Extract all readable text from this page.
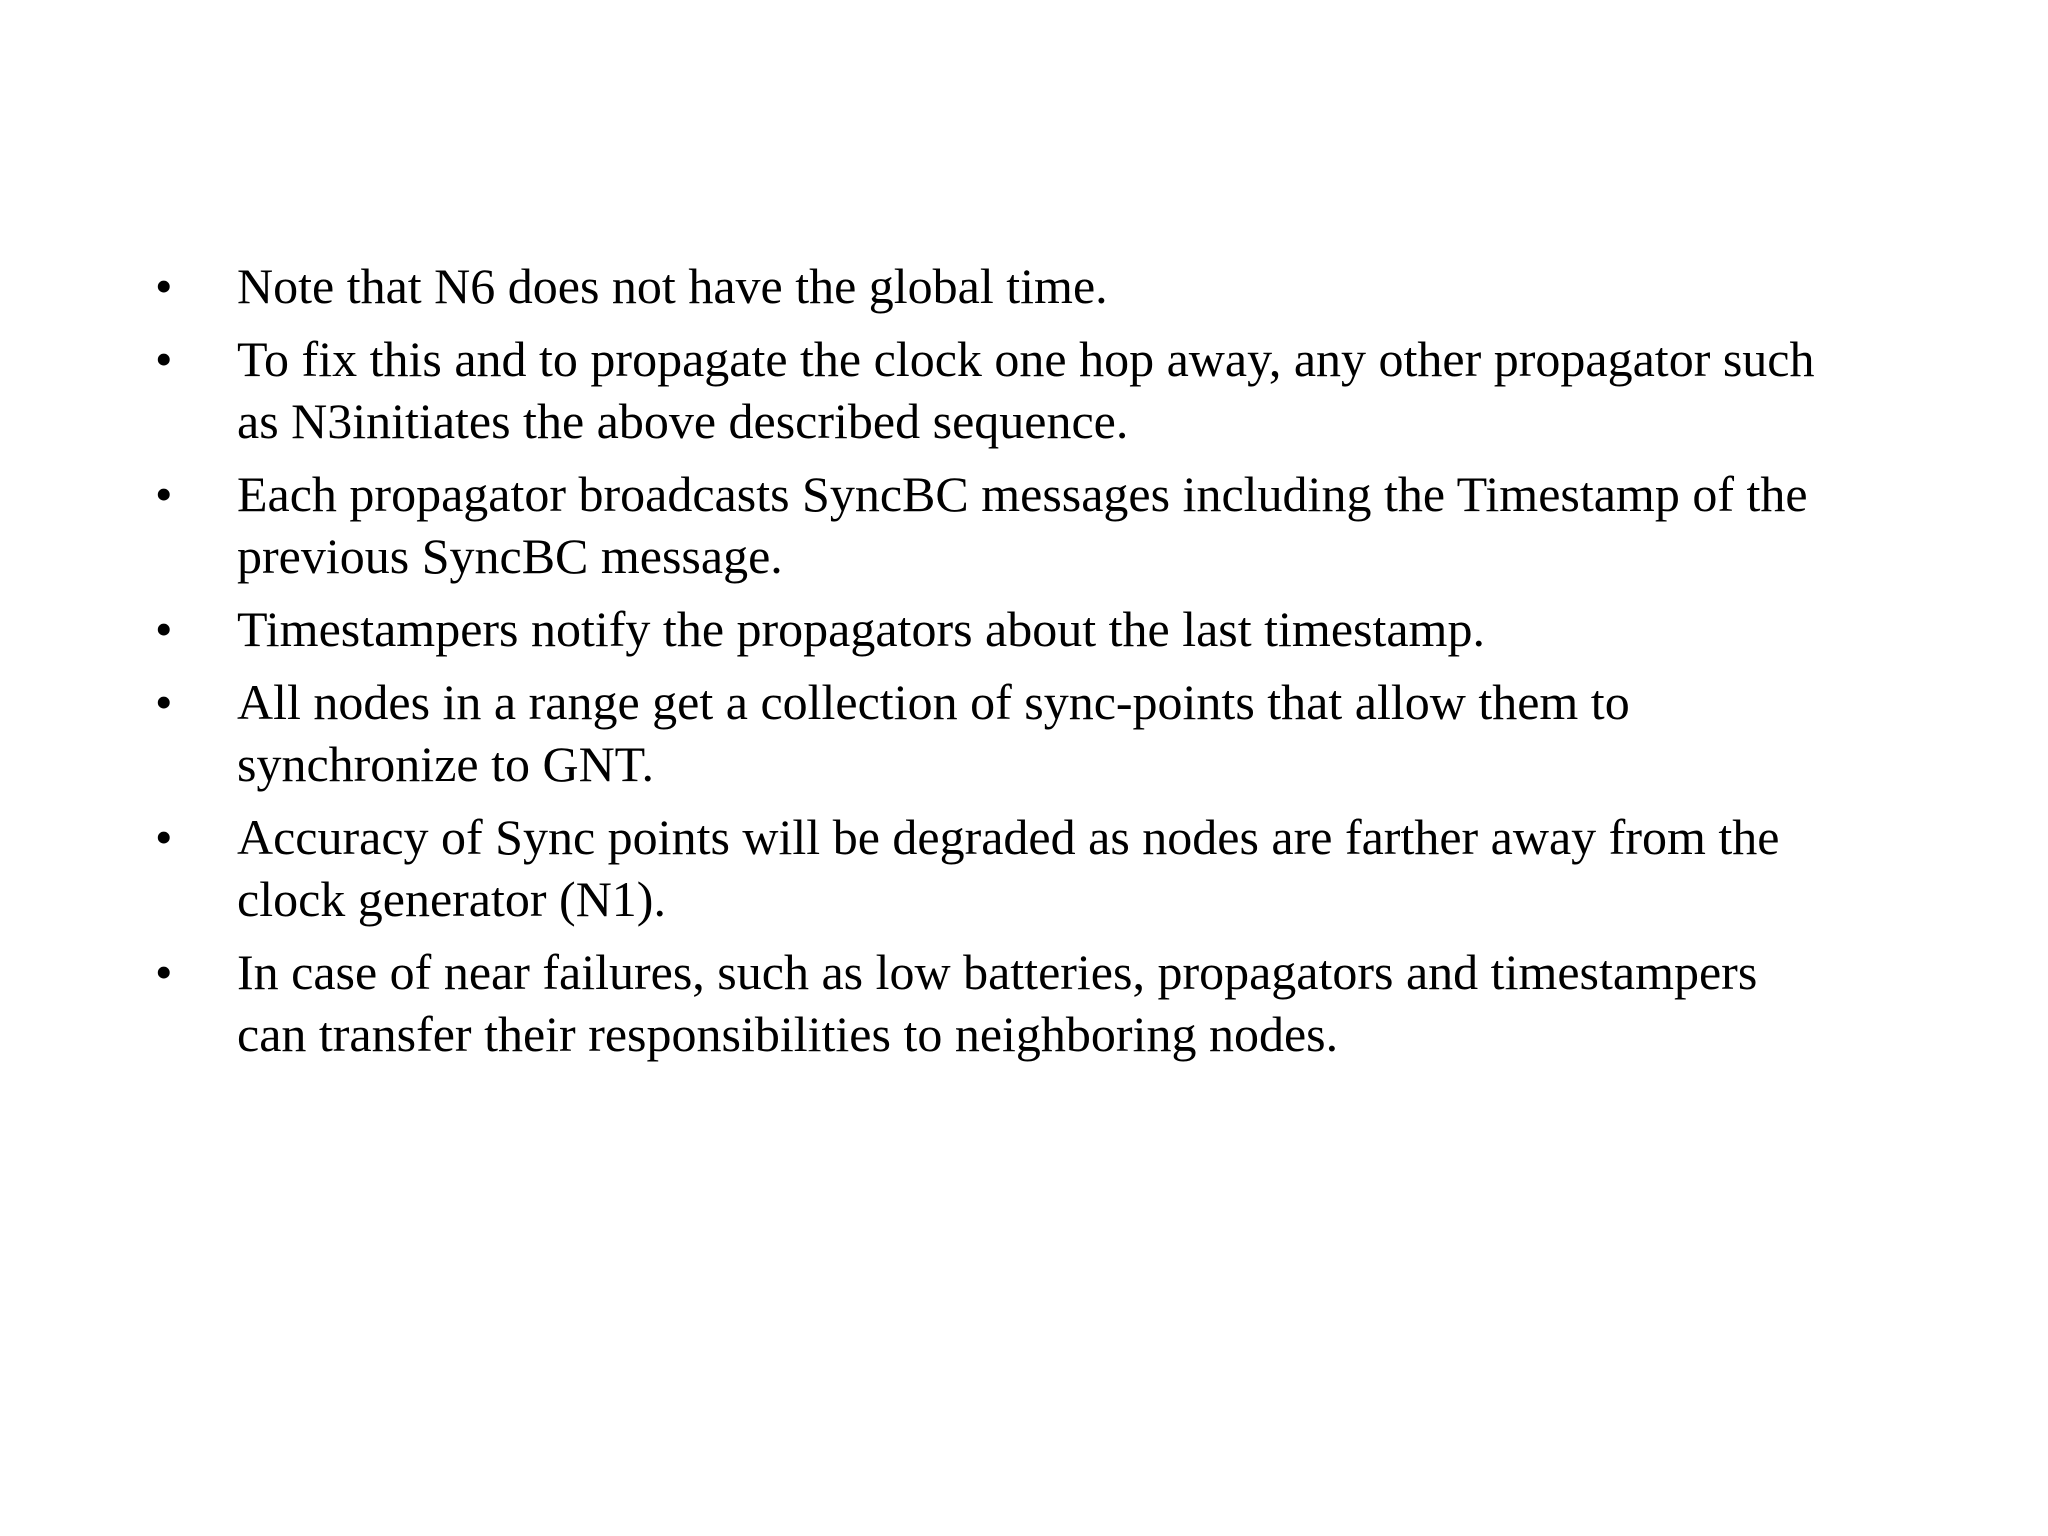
•	Note that N6 does not have the global time.
•	To fix this and to propagate the clock one hop away, any other propagator such
as N3initiates the above described sequence.
•	Each propagator broadcasts SyncBC messages including the Timestamp of the
previous SyncBC message.
•	Timestampers notify the propagators about the last timestamp.
•	All nodes in a range get a collection of sync-points that allow them to
synchronize to GNT.
•	Accuracy of Sync points will be degraded as nodes are farther away from the
clock generator (N1).
•	In case of near failures, such as low batteries, propagators and timestampers
can transfer their responsibilities to neighboring nodes.
